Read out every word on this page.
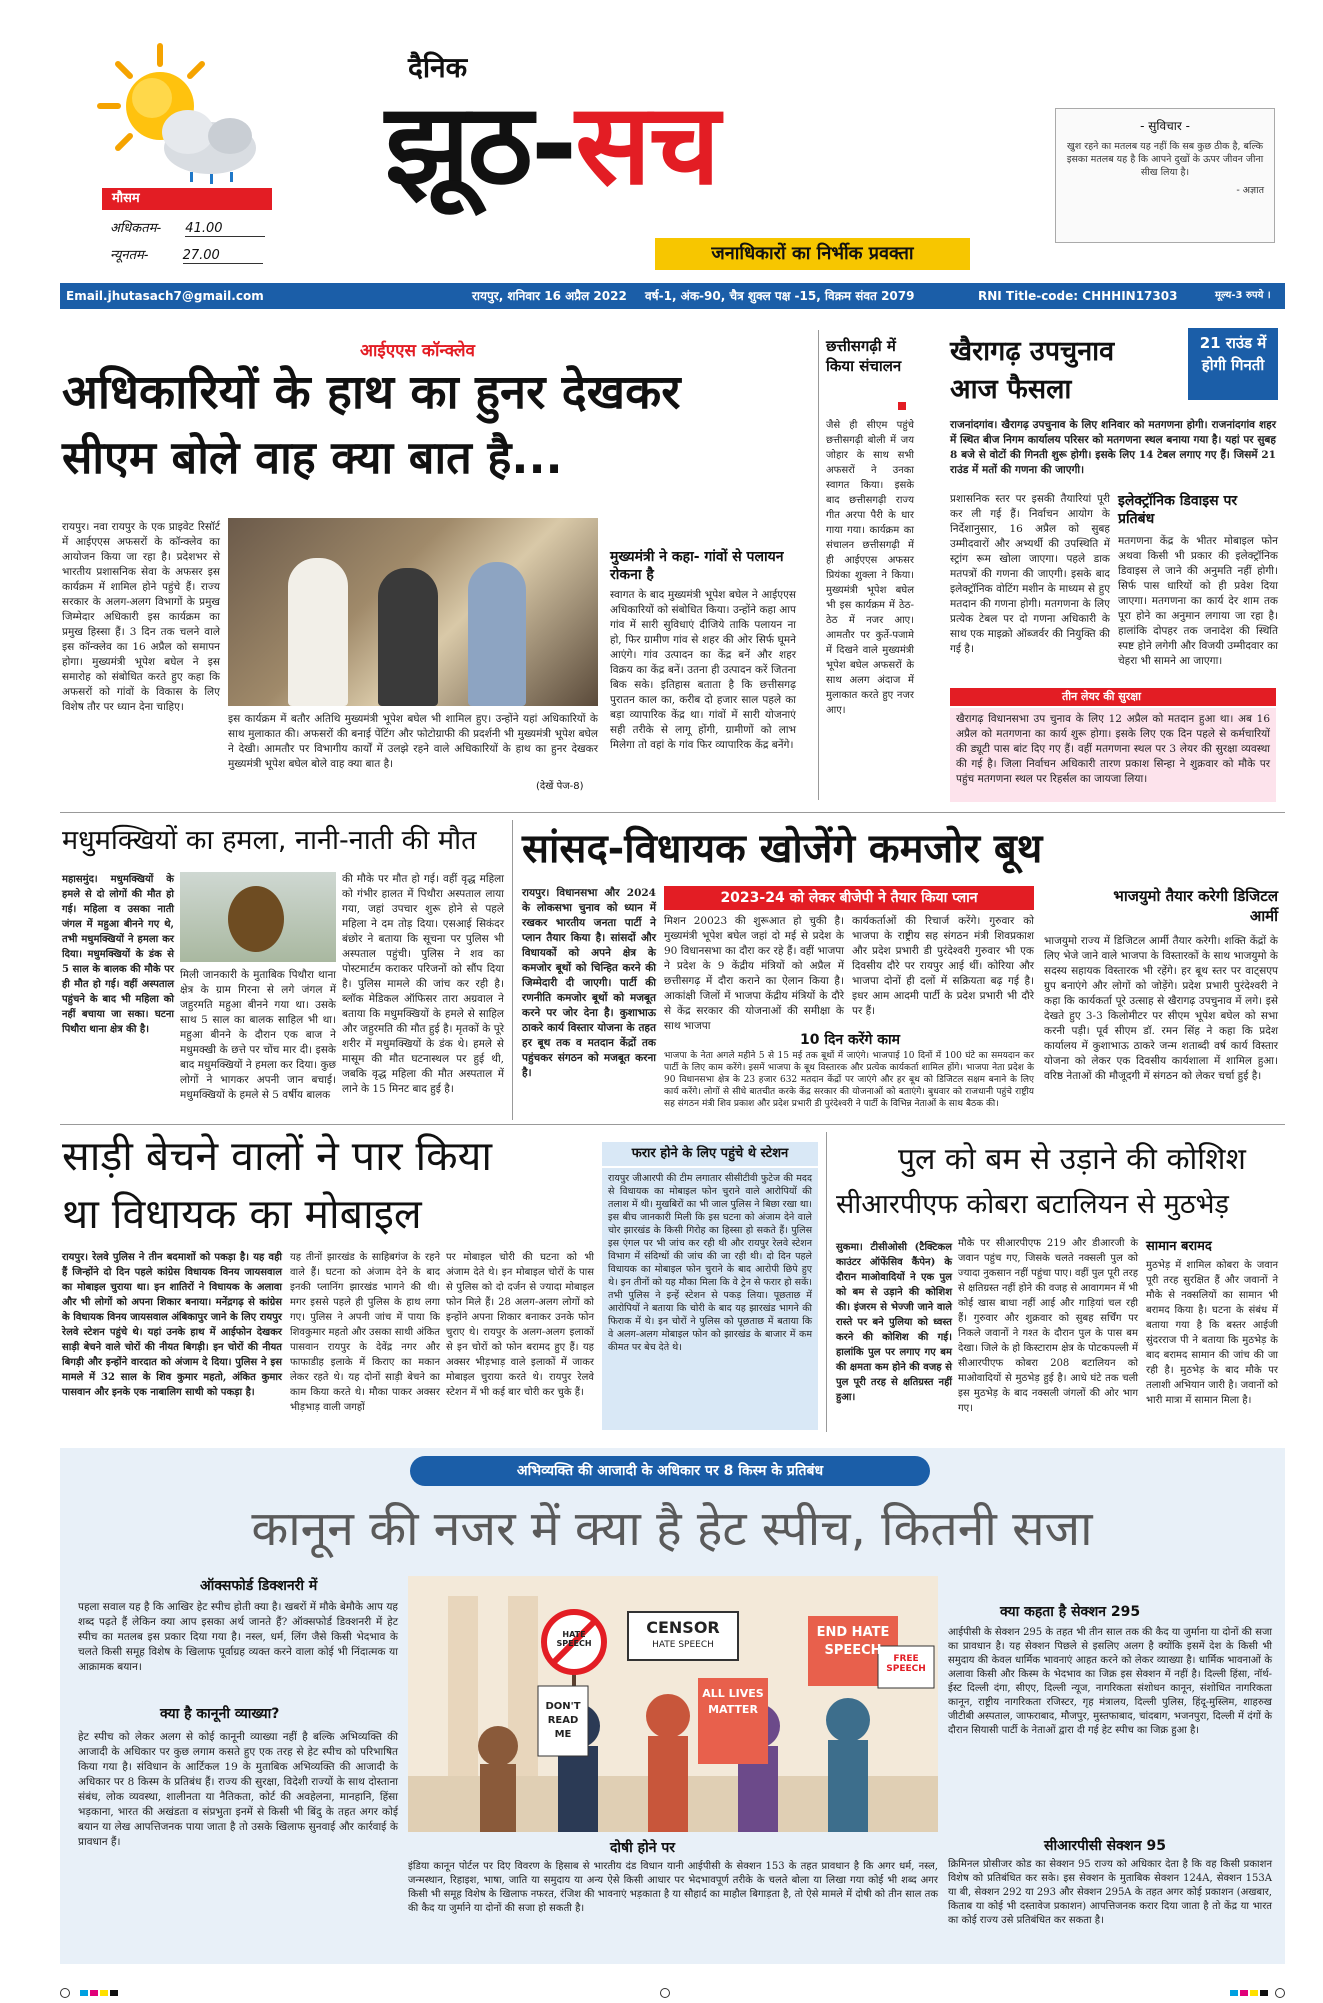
मौसम
अधिकतम- 41.00
न्यूनतम-	27.00
दैनिक
झूठ-सच
जनाधिकारों का निर्भीक प्रवक्ता
- सुविचार -
खुश रहने का मतलब यह नहीं कि सब कुछ ठीक है, बल्कि इसका मतलब यह है कि आपने दुखों के ऊपर जीवन जीना सीख लिया है।
- अज्ञात
Email.jhutasach7@gmail.com	रायपुर, शनिवार 16 अप्रैल 2022 वर्ष-1, अंक-90, चैत्र शुक्ल पक्ष -15, विक्रम संवत 2079	RNI Title-code: CHHHIN17303	मूल्य-3 रुपये । पृष्ठ-8
आईएएस कॉन्क्लेव
अधिकारियों के हाथ का हुनर देखकर
सीएम बोले वाह क्या बात है...
रायपुर। नवा रायपुर के एक प्राइवेट रिसॉर्ट में आईएएस अफसरों के कॉन्क्लेव का आयोजन किया जा रहा है। प्रदेशभर से भारतीय प्रशासनिक सेवा के अफसर इस कार्यक्रम में शामिल होने पहुंचे हैं। राज्य सरकार के अलग-अलग विभागों के प्रमुख जिम्मेदार अधिकारी इस कार्यक्रम का प्रमुख हिस्सा हैं। 3 दिन तक चलने वाले इस कॉन्क्लेव का 16 अप्रैल को समापन होगा। मुख्यमंत्री भूपेश बघेल ने इस समारोह को संबोधित करते हुए कहा कि अफसरों को गांवों के विकास के लिए विशेष तौर पर ध्यान देना चाहिए।
इस कार्यक्रम में बतौर अतिथि मुख्यमंत्री भूपेश बघेल भी शामिल हुए। उन्होंने यहां अधिकारियों के साथ मुलाकात की। अफसरों की बनाई पेंटिंग और फोटोग्राफी की प्रदर्शनी भी मुख्यमंत्री भूपेश बघेल ने देखी। आमतौर पर विभागीय कार्यों में उलझे रहने वाले अधिकारियों के हाथ का हुनर देखकर मुख्यमंत्री भूपेश बघेल बोले वाह क्या बात है।
(देखें पेज-8)
मुख्यमंत्री ने कहा- गांवों से पलायन रोकना है
स्वागत के बाद मुख्यमंत्री भूपेश बघेल ने आईएएस अधिकारियों को संबोधित किया। उन्होंने कहा आप गांव में सारी सुविधाएं दीजिये ताकि पलायन ना हो, फिर ग्रामीण गांव से शहर की ओर सिर्फ घूमने आएंगे। गांव उत्पादन का केंद्र बनें और शहर विक्रय का केंद्र बनें। उतना ही उत्पादन करें जितना बिक सके। इतिहास बताता है कि छत्तीसगढ़ पुरातन काल का, करीब दो हजार साल पहले का बड़ा व्यापारिक केंद्र था। गांवों में सारी योजनाएं सही तरीके से लागू होंगी, ग्रामीणों को लाभ मिलेगा तो वहां के गांव फिर व्यापारिक केंद्र बनेंगे।
छत्तीसगढ़ी में किया संचालन
जैसे ही सीएम पहुंचे छत्तीसगढ़ी बोली में जय जोहार के साथ सभी अफसरों ने उनका स्वागत किया। इसके बाद छत्तीसगढ़ी राज्य गीत अरपा पैरी के धार गाया गया। कार्यक्रम का संचालन छत्तीसगढ़ी में ही आईएएस अफसर प्रियंका शुक्ला ने किया। मुख्यमंत्री भूपेश बघेल भी इस कार्यक्रम में ठेठ-ठेठ में नजर आए। आमतौर पर कुर्ते-पजामे में दिखने वाले मुख्यमंत्री भूपेश बघेल अफसरों के साथ अलग अंदाज में मुलाकात करते हुए नजर आए।
खैरागढ़ उपचुनाव
आज फैसला
21 राउंड में होगी गिनती
राजनांदगांव। खैरागढ़ उपचुनाव के लिए शनिवार को मतगणना होगी। राजनांदगांव शहर में स्थित बीज निगम कार्यालय परिसर को मतगणना स्थल बनाया गया है। यहां पर सुबह 8 बजे से वोटों की गिनती शुरू होगी। इसके लिए 14 टेबल लगाए गए हैं। जिसमें 21 राउंड में मतों की गणना की जाएगी।
प्रशासनिक स्तर पर इसकी तैयारियां पूरी कर ली गई हैं। निर्वाचन आयोग के निर्देशानुसार, 16 अप्रैल को सुबह उम्मीदवारों और अभ्यर्थी की उपस्थिति में स्ट्रांग रूम खोला जाएगा। पहले डाक मतपत्रों की गणना की जाएगी। इसके बाद इलेक्ट्रॉनिक वोटिंग मशीन के माध्यम से हुए मतदान की गणना होगी। मतगणना के लिए प्रत्येक टेबल पर दो गणना अधिकारी के साथ एक माइक्रो ऑब्जर्वर की नियुक्ति की गई है।
इलेक्ट्रॉनिक डिवाइस पर प्रतिबंध
मतगणना केंद्र के भीतर मोबाइल फोन अथवा किसी भी प्रकार की इलेक्ट्रॉनिक डिवाइस ले जाने की अनुमति नहीं होगी। सिर्फ पास धारियों को ही प्रवेश दिया जाएगा। मतगणना का कार्य देर शाम तक पूरा होने का अनुमान लगाया जा रहा है। हालांकि दोपहर तक जनादेश की स्थिति स्पष्ट होने लगेगी और विजयी उम्मीदवार का चेहरा भी सामने आ जाएगा।
तीन लेयर की सुरक्षा
खैरागढ़ विधानसभा उप चुनाव के लिए 12 अप्रैल को मतदान हुआ था। अब 16 अप्रैल को मतगणना का कार्य शुरू होगा। इसके लिए एक दिन पहले से कर्मचारियों की ड्यूटी पास बांट दिए गए हैं। वहीं मतगणना स्थल पर 3 लेयर की सुरक्षा व्यवस्था की गई है। जिला निर्वाचन अधिकारी तारण प्रकाश सिन्हा ने शुक्रवार को मौके पर पहुंच मतगणना स्थल पर रिहर्सल का जायजा लिया।
मधुमक्खियों का हमला, नानी-नाती की मौत
महासमुंद। मधुमक्खियों के हमले से दो लोगों की मौत हो गई। महिला व उसका नाती जंगल में महुआ बीनने गए थे, तभी मधुमक्खियों ने हमला कर दिया। मधुमक्खियों के डंक से 5 साल के बालक की मौके पर ही मौत हो गई। वहीं अस्पताल पहुंचने के बाद भी महिला को नहीं बचाया जा सका। घटना पिथौरा थाना क्षेत्र की है।
मिली जानकारी के मुताबिक पिथौरा थाना क्षेत्र के ग्राम गिरना से लगे जंगल में जहुरमति महुआ बीनने गया था। उसके साथ 5 साल का बालक साहिल भी था। महुआ बीनने के दौरान एक बाज ने मधुमक्खी के छत्ते पर चोंच मार दी। इसके बाद मधुमक्खियों ने हमला कर दिया। कुछ लोगों ने भागकर अपनी जान बचाई। मधुमक्खियों के हमले से 5 वर्षीय बालक
की मौके पर मौत हो गई। वहीं वृद्ध महिला को गंभीर हालत में पिथौरा अस्पताल लाया गया, जहां उपचार शुरू होने से पहले महिला ने दम तोड़ दिया। एसआई सिकंदर बंछोर ने बताया कि सूचना पर पुलिस भी अस्पताल पहुंची। पुलिस ने शव का पोस्टमार्टम कराकर परिजनों को सौंप दिया है। पुलिस मामले की जांच कर रही है। ब्लॉक मेडिकल ऑफिसर तारा अग्रवाल ने बताया कि मधुमक्खियों के हमले से साहिल और जहुरमति की मौत हुई है। मृतकों के पूरे शरीर में मधुमक्खियों के डंक थे। हमले से मासूम की मौत घटनास्थल पर हुई थी, जबकि वृद्ध महिला की मौत अस्पताल में लाने के 15 मिनट बाद हुई है।
सांसद-विधायक खोजेंगे कमजोर बूथ
रायपुर। विधानसभा और 2024 के लोकसभा चुनाव को ध्यान में रखकर भारतीय जनता पार्टी ने प्लान तैयार किया है। सांसदों और विधायकों को अपने क्षेत्र के कमजोर बूथों को चिन्हित करने की जिम्मेदारी दी जाएगी। पार्टी की रणनीति कमजोर बूथों को मजबूत करने पर जोर देना है। कुशाभाऊ ठाकरे कार्य विस्तार योजना के तहत हर बूथ तक व मतदान केंद्रों तक पहुंचकर संगठन को मजबूत करना है।
2023-24 को लेकर बीजेपी ने तैयार किया प्लान
मिशन 20023 की शुरूआत हो चुकी है। मुख्यमंत्री भूपेश बघेल जहां दो मई से प्रदेश के 90 विधानसभा का दौरा कर रहे हैं। वहीं भाजपा ने प्रदेश के 9 केंद्रीय मंत्रियों को अप्रैल में छत्तीसगढ़ में दौरा कराने का ऐलान किया है। आकांक्षी जिलों में भाजपा केंद्रीय मंत्रियों के दौरे से केंद्र सरकार की योजनाओं की समीक्षा के साथ भाजपा
कार्यकर्ताओं की रिचार्ज करेंगे। गुरुवार को भाजपा के राष्ट्रीय सह संगठन मंत्री शिवप्रकाश और प्रदेश प्रभारी डी पुरंदेश्वरी गुरुवार भी एक दिवसीय दौरे पर रायपुर आई थीं। कोरिया और भाजपा दोनों ही दलों में सक्रियता बढ़ गई है। इधर आम आदमी पार्टी के प्रदेश प्रभारी भी दौरे पर हैं।
10 दिन करेंगे काम
भाजपा के नेता अगले महीने 5 से 15 मई तक बूथों में जाएंगे। भाजपाई 10 दिनों में 100 घंटे का समयदान कर पार्टी के लिए काम करेंगे। इसमें भाजपा के बूथ विस्तारक और प्रत्येक कार्यकर्ता शामिल होंगे। भाजपा नेता प्रदेश के 90 विधानसभा क्षेत्र के 23 हजार 632 मतदान केंद्रों पर जाएंगे और हर बूथ को डिजिटल सक्षम बनाने के लिए कार्य करेंगे। लोगों से सीधे बातचीत करके केंद्र सरकार की योजनाओं को बताएंगे। बुधवार को राजधानी पहुंचे राष्ट्रीय सह संगठन मंत्री शिव प्रकाश और प्रदेश प्रभारी डी पुरंदेश्वरी ने पार्टी के विभिन्न नेताओं के साथ बैठक की।
भाजयुमो तैयार करेगी डिजिटल आर्मी
भाजयुमो राज्य में डिजिटल आर्मी तैयार करेगी। शक्ति केंद्रों के लिए भेजे जाने वाले भाजपा के विस्तारकों के साथ भाजयुमो के सदस्य सहायक विस्तारक भी रहेंगे। हर बूथ स्तर पर वाट्सएप ग्रुप बनाएंगे और लोगों को जोड़ेंगे। प्रदेश प्रभारी पुरंदेश्वरी ने कहा कि कार्यकर्ता पूरे उत्साह से खैरागढ़ उपचुनाव में लगे। इसे देखते हुए 3-3 किलोमीटर पर सीएम भूपेश बघेल को सभा करनी पड़ी। पूर्व सीएम डॉ. रमन सिंह ने कहा कि प्रदेश कार्यालय में कुशाभाऊ ठाकरे जन्म शताब्दी वर्ष कार्य विस्तार योजना को लेकर एक दिवसीय कार्यशाला में शामिल हुआ। वरिष्ठ नेताओं की मौजूदगी में संगठन को लेकर चर्चा हुई है।
साड़ी बेचने वालों ने पार किया
था विधायक का मोबाइल
रायपुर। रेलवे पुलिस ने तीन बदमाशों को पकड़ा है। यह वही हैं जिन्होंने दो दिन पहले कांग्रेस विधायक विनय जायसवाल का मोबाइल चुराया था। इन शातिरों ने विधायक के अलावा और भी लोगों को अपना शिकार बनाया। मनेंद्रगढ़ से कांग्रेस के विधायक विनय जायसवाल अंबिकापुर जाने के लिए रायपुर रेलवे स्टेशन पहुंचे थे। यहां उनके हाथ में आईफोन देखकर साड़ी बेचने वाले चोरों की नीयत बिगड़ी। इन चोरों की नीयत बिगड़ी और इन्होंने वारदात को अंजाम दे दिया। पुलिस ने इस मामले में 32 साल के शिव कुमार महतो, अंकित कुमार पासवान और इनके एक नाबालिग साथी को पकड़ा है।
यह तीनों झारखंड के साहिबगंज के रहने वाले हैं। घटना को अंजाम देने के बाद इनकी प्लानिंग झारखंड भागने की थी। मगर इससे पहले ही पुलिस के हाथ लगा गए। पुलिस ने अपनी जांच में पाया कि शिवकुमार महतो और उसका साथी अंकित पासवान रायपुर के देवेंद्र नगर और फाफाडीह इलाके में किराए का मकान लेकर रहते थे। यह दोनों साड़ी बेचने का काम किया करते थे। मौका पाकर अक्सर भीड़भाड़ वाली जगहों
पर मोबाइल चोरी की घटना को भी अंजाम देते थे। इन मोबाइल चोरों के पास से पुलिस को दो दर्जन से ज्यादा मोबाइल फोन मिले हैं। 28 अलग-अलग लोगों को इन्होंने अपना शिकार बनाकर उनके फोन चुराए थे। रायपुर के अलग-अलग इलाकों से इन चोरों को फोन बरामद हुए हैं। यह अक्सर भीड़भाड़ वाले इलाकों में जाकर मोबाइल चुराया करते थे। रायपुर रेलवे स्टेशन में भी कई बार चोरी कर चुके हैं।
फरार होने के लिए पहुंचे थे स्टेशन
रायपुर जीआरपी की टीम लगातार सीसीटीवी फुटेज की मदद से विधायक का मोबाइल फोन चुराने वाले आरोपियों की तलाश में थी। मुखबिरों का भी जाल पुलिस ने बिछा रखा था। इस बीच जानकारी मिली कि इस घटना को अंजाम देने वाले चोर झारखंड के किसी गिरोह का हिस्सा हो सकते हैं। पुलिस इस एंगल पर भी जांच कर रही थी और रायपुर रेलवे स्टेशन विभाग में संदिग्धों की जांच की जा रही थी। दो दिन पहले विधायक का मोबाइल फोन चुराने के बाद आरोपी छिपे हुए थे। इन तीनों को यह मौका मिला कि वे ट्रेन से फरार हो सकें। तभी पुलिस ने इन्हें स्टेशन से पकड़ लिया। पूछताछ में आरोपियों ने बताया कि चोरी के बाद यह झारखंड भागने की फिराक में थे। इन चोरों ने पुलिस को पूछताछ में बताया कि वे अलग-अलग मोबाइल फोन को झारखंड के बाजार में कम कीमत पर बेच देते थे।
पुल को बम से उड़ाने की कोशिश
सीआरपीएफ कोबरा बटालियन से मुठभेड़
सुकमा। टीसीओसी (टैक्टिकल काउंटर ऑफेंसिव कैंपेन) के दौरान माओवादियों ने एक पुल को बम से उड़ाने की कोशिश की। इंजरम से भेज्जी जाने वाले रास्ते पर बने पुलिया को ध्वस्त करने की कोशिश की गई। हालांकि पुल पर लगाए गए बम की क्षमता कम होने की वजह से पुल पूरी तरह से क्षतिग्रस्त नहीं हुआ।
मौके पर सीआरपीएफ 219 और डीआरजी के जवान पहुंच गए, जिसके चलते नक्सली पुल को ज्यादा नुकसान नहीं पहुंचा पाए। वहीं पुल पूरी तरह से क्षतिग्रस्त नहीं होने की वजह से आवागमन में भी कोई खास बाधा नहीं आई और गाड़ियां चल रही हैं। गुरुवार और शुक्रवार को सुबह सर्चिंग पर निकले जवानों ने गश्त के दौरान पुल के पास बम देखा। जिले के हो किस्टाराम क्षेत्र के पोटकपल्ली में सीआरपीएफ कोबरा 208 बटालियन को माओवादियों से मुठभेड़ हुई है। आधे घंटे तक चली इस मुठभेड़ के बाद नक्सली जंगलों की ओर भाग गए।
सामान बरामद
मुठभेड़ में शामिल कोबरा के जवान पूरी तरह सुरक्षित हैं और जवानों ने मौके से नक्सलियों का सामान भी बरामद किया है। घटना के संबंध में बताया गया है कि बस्तर आईजी सुंदरराज पी ने बताया कि मुठभेड़ के बाद बरामद सामान की जांच की जा रही है। मुठभेड़ के बाद मौके पर तलाशी अभियान जारी है। जवानों को भारी मात्रा में सामान मिला है।
अभिव्यक्ति की आजादी के अधिकार पर 8 किस्म के प्रतिबंध
कानून की नजर में क्या है हेट स्पीच, कितनी सजा
ऑक्सफोर्ड डिक्शनरी में
पहला सवाल यह है कि आखिर हेट स्पीच होती क्या है। खबरों में मौके बेमौके आप यह शब्द पढ़ते हैं लेकिन क्या आप इसका अर्थ जानते हैं? ऑक्सफोर्ड डिक्शनरी में हेट स्पीच का मतलब इस प्रकार दिया गया है। नस्ल, धर्म, लिंग जैसे किसी भेदभाव के चलते किसी समूह विशेष के खिलाफ पूर्वाग्रह व्यक्त करने वाला कोई भी निंदात्मक या आक्रामक बयान।
क्या है कानूनी व्याख्या?
हेट स्पीच को लेकर अलग से कोई कानूनी व्याख्या नहीं है बल्कि अभिव्यक्ति की आजादी के अधिकार पर कुछ लगाम कसते हुए एक तरह से हेट स्पीच को परिभाषित किया गया है। संविधान के आर्टिकल 19 के मुताबिक अभिव्यक्ति की आजादी के अधिकार पर 8 किस्म के प्रतिबंध हैं। राज्य की सुरक्षा, विदेशी राज्यों के साथ दोस्ताना संबंध, लोक व्यवस्था, शालीनता या नैतिकता, कोर्ट की अवहेलना, मानहानि, हिंसा भड़काना, भारत की अखंडता व संप्रभुता इनमें से किसी भी बिंदु के तहत अगर कोई बयान या लेख आपत्तिजनक पाया जाता है तो उसके खिलाफ सुनवाई और कार्रवाई के प्रावधान हैं।
HATE SPEECH
CENSOR
HATE SPEECH
ALL LIVES MATTER
END HATE SPEECH
FREE SPEECH
DON'T READ ME
दोषी होने पर
इंडिया कानून पोर्टल पर दिए विवरण के हिसाब से भारतीय दंड विधान यानी आईपीसी के सेक्शन 153 के तहत प्रावधान है कि अगर धर्म, नस्ल, जन्मस्थान, रिहाइश, भाषा, जाति या समुदाय या अन्य ऐसे किसी आधार पर भेदभावपूर्ण तरीके के चलते बोला या लिखा गया कोई भी शब्द अगर किसी भी समूह विशेष के खिलाफ नफरत, रंजिश की भावनाएं भड़काता है या सौहार्द का माहौल बिगाड़ता है, तो ऐसे मामले में दोषी को तीन साल तक की कैद या जुर्माने या दोनों की सजा हो सकती है।
क्या कहता है सेक्शन 295
आईपीसी के सेक्शन 295 के तहत भी तीन साल तक की कैद या जुर्माना या दोनों की सजा का प्रावधान है। यह सेक्शन पिछले से इसलिए अलग है क्योंकि इसमें देश के किसी भी समुदाय की केवल धार्मिक भावनाएं आहत करने को लेकर व्याख्या है। धार्मिक भावनाओं के अलावा किसी और किस्म के भेदभाव का जिक्र इस सेक्शन में नहीं है। दिल्ली हिंसा, नॉर्थ-ईस्ट दिल्ली दंगा, सीएए, दिल्ली न्यूज, नागरिकता संशोधन कानून, संशोधित नागरिकता कानून, राष्ट्रीय नागरिकता रजिस्टर, गृह मंत्रालय, दिल्ली पुलिस, हिंदू-मुस्लिम, शाहरुख जीटीबी अस्पताल, जाफराबाद, मौजपुर, मुस्तफाबाद, चांदबाग, भजनपुरा, दिल्ली में दंगों के दौरान सियासी पार्टी के नेताओं द्वारा दी गई हेट स्पीच का जिक्र हुआ है।
सीआरपीसी सेक्शन 95
क्रिमिनल प्रोसीजर कोड का सेक्शन 95 राज्य को अधिकार देता है कि वह किसी प्रकाशन विशेष को प्रतिबंधित कर सके। इस सेक्शन के मुताबिक सेक्शन 124A, सेक्शन 153A या बी, सेक्शन 292 या 293 और सेक्शन 295A के तहत अगर कोई प्रकाशन (अखबार, किताब या कोई भी दस्तावेज प्रकाशन) आपत्तिजनक करार दिया जाता है तो केंद्र या भारत का कोई राज्य उसे प्रतिबंधित कर सकता है।
